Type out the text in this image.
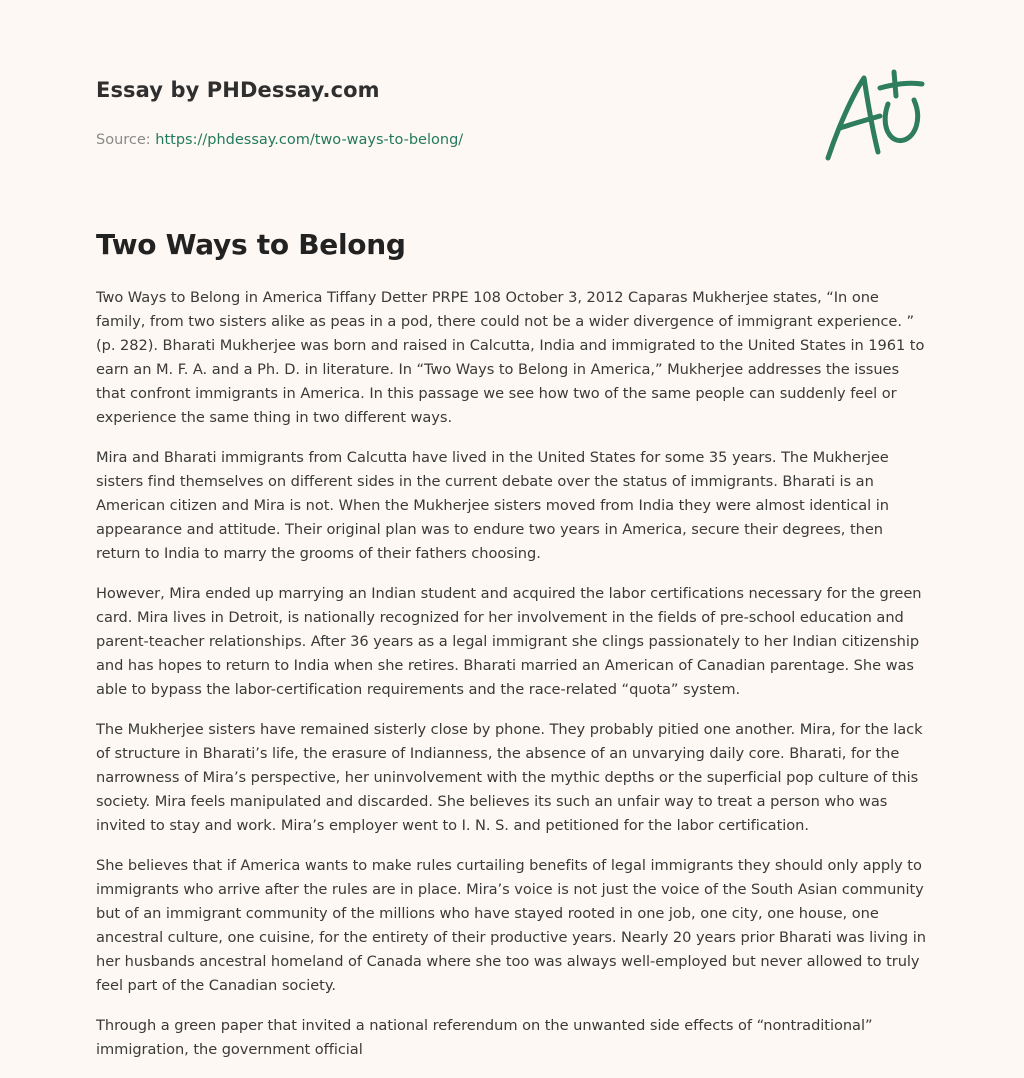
Essay by PHDessay.com

Source: https://phdessay.com/two-ways-to-belong/
Two Ways to Belong

Two Ways to Belong in America Tiffany Detter PRPE 108 October 3, 2012 Caparas Mukherjee states, “In one family, from two sisters alike as peas in a pod, there could not be a wider divergence of immigrant experience. ” (p. 282). Bharati Mukherjee was born and raised in Calcutta, India and immigrated to the United States in 1961 to earn an M. F. A. and a Ph. D. in literature. In “Two Ways to Belong in America,” Mukherjee addresses the issues that confront immigrants in America. In this passage we see how two of the same people can suddenly feel or experience the same thing in two different ways.

Mira and Bharati immigrants from Calcutta have lived in the United States for some 35 years. The Mukherjee sisters find themselves on different sides in the current debate over the status of immigrants. Bharati is an American citizen and Mira is not. When the Mukherjee sisters moved from India they were almost identical in appearance and attitude. Their original plan was to endure two years in America, secure their degrees, then return to India to marry the grooms of their fathers choosing.

However, Mira ended up marrying an Indian student and acquired the labor certifications necessary for the green card. Mira lives in Detroit, is nationally recognized for her involvement in the fields of pre-school education and parent-teacher relationships. After 36 years as a legal immigrant she clings passionately to her Indian citizenship and has hopes to return to India when she retires. Bharati married an American of Canadian parentage. She was able to bypass the labor-certification requirements and the race-related “quota” system.

The Mukherjee sisters have remained sisterly close by phone. They probably pitied one another. Mira, for the lack of structure in Bharati’s life, the erasure of Indianness, the absence of an unvarying daily core. Bharati, for the narrowness of Mira’s perspective, her uninvolvement with the mythic depths or the superficial pop culture of this society. Mira feels manipulated and discarded. She believes its such an unfair way to treat a person who was invited to stay and work. Mira’s employer went to I. N. S. and petitioned for the labor certification.

She believes that if America wants to make rules curtailing benefits of legal immigrants they should only apply to immigrants who arrive after the rules are in place. Mira’s voice is not just the voice of the South Asian community but of an immigrant community of the millions who have stayed rooted in one job, one city, one house, one ancestral culture, one cuisine, for the entirety of their productive years. Nearly 20 years prior Bharati was living in her husbands ancestral homeland of Canada where she too was always well-employed but never allowed to truly feel part of the Canadian society.

Through a green paper that invited a national referendum on the unwanted side effects of “nontraditional” immigration, the government official
